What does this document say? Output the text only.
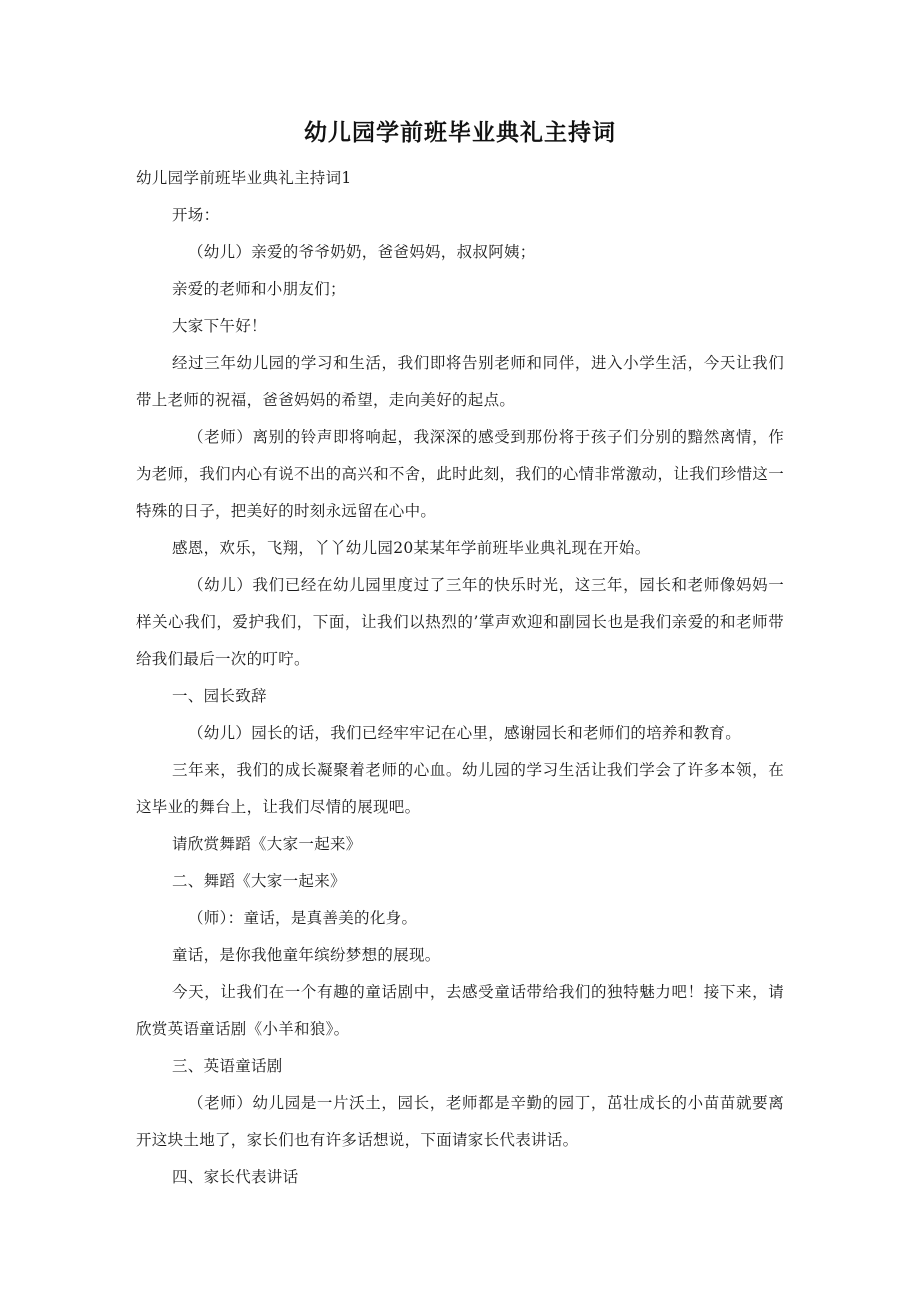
幼儿园学前班毕业典礼主持词

幼儿园学前班毕业典礼主持词1

开场：

（幼儿）亲爱的爷爷奶奶，爸爸妈妈，叔叔阿姨；

亲爱的老师和小朋友们；

大家下午好！

经过三年幼儿园的学习和生活，我们即将告别老师和同伴，进入小学生活，今天让我们带上老师的祝福，爸爸妈妈的希望，走向美好的起点。

（老师）离别的铃声即将响起，我深深的感受到那份将于孩子们分别的黯然离情，作为老师，我们内心有说不出的高兴和不舍，此时此刻，我们的心情非常激动，让我们珍惜这一特殊的日子，把美好的时刻永远留在心中。

感恩，欢乐，飞翔，丫丫幼儿园20某某年学前班毕业典礼现在开始。

（幼儿）我们已经在幼儿园里度过了三年的快乐时光，这三年，园长和老师像妈妈一样关心我们，爱护我们，下面，让我们以热烈的’掌声欢迎和副园长也是我们亲爱的和老师带给我们最后一次的叮咛。

一、园长致辞

（幼儿）园长的话，我们已经牢牢记在心里，感谢园长和老师们的培养和教育。

三年来，我们的成长凝聚着老师的心血。幼儿园的学习生活让我们学会了许多本领，在这毕业的舞台上，让我们尽情的展现吧。

请欣赏舞蹈《大家一起来》

二、舞蹈《大家一起来》

（师）：童话，是真善美的化身。

童话，是你我他童年缤纷梦想的展现。

今天，让我们在一个有趣的童话剧中，去感受童话带给我们的独特魅力吧！接下来，请欣赏英语童话剧《小羊和狼》。

三、英语童话剧

（老师）幼儿园是一片沃土，园长，老师都是辛勤的园丁，茁壮成长的小苗苗就要离开这块土地了，家长们也有许多话想说，下面请家长代表讲话。

四、家长代表讲话
